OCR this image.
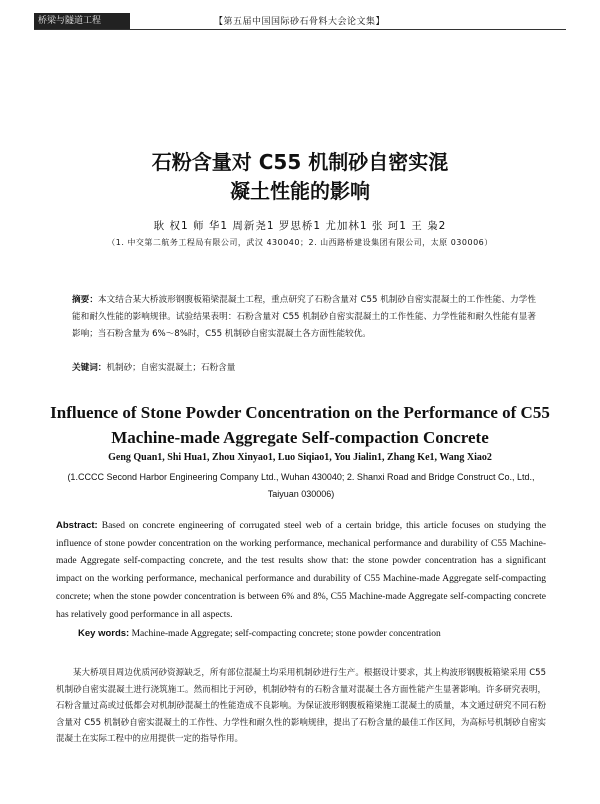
桥梁与隧道工程	【第五届中国国际砂石骨料大会论文集】
石粉含量对 C55 机制砂自密实混
凝土性能的影响
耿 权1 师 华1 周新尧1 罗思桥1 尤加林1 张 珂1 王 枭2
（1. 中交第二航务工程局有限公司，武汉 430040；2. 山西路桥建设集团有限公司，太原 030006）
摘要：本文结合某大桥波形钢腹板箱梁混凝土工程，重点研究了石粉含量对 C55 机制砂自密实混凝土的工作性能、力学性能和耐久性能的影响规律。试验结果表明：石粉含量对 C55 机制砂自密实混凝土的工作性能、力学性能和耐久性能有显著影响；当石粉含量为 6%～8%时，C55 机制砂自密实混凝土各方面性能较优。
关键词：机制砂；自密实混凝土；石粉含量
Influence of Stone Powder Concentration on the Performance of C55
Machine-made Aggregate Self-compaction Concrete
Geng Quan1, Shi Hua1, Zhou Xinyao1, Luo Siqiao1, You Jialin1, Zhang Ke1, Wang Xiao2
(1.CCCC Second Harbor Engineering Company Ltd., Wuhan 430040; 2. Shanxi Road and Bridge Construct Co., Ltd., Taiyuan 030006)
Abstract: Based on concrete engineering of corrugated steel web of a certain bridge, this article focuses on studying the influence of stone powder concentration on the working performance, mechanical performance and durability of C55 Machine-made Aggregate self-compacting concrete, and the test results show that: the stone powder concentration has a significant impact on the working performance, mechanical performance and durability of C55 Machine-made Aggregate self-compacting concrete; when the stone powder concentration is between 6% and 8%, C55 Machine-made Aggregate self-compacting concrete has relatively good performance in all aspects.
Key words: Machine-made Aggregate; self-compacting concrete; stone powder concentration

某大桥项目周边优质河砂资源缺乏，所有部位混凝土均采用机制砂进行生产。根据设计要求，其上构波形钢腹板箱梁采用 C55 机制砂自密实混凝土进行浇筑施工。然而相比于河砂，机制砂特有的石粉含量对混凝土各方面性能产生显著影响。许多研究表明，石粉含量过高或过低都会对机制砂混凝土的性能造成不良影响。为保证波形钢腹板箱梁施工混凝土的质量，本文通过研究不同石粉含量对 C55 机制砂自密实混凝土的工作性、力学性和耐久性的影响规律，提出了石粉含量的最佳工作区间，为高标号机制砂自密实混凝土在实际工程中的应用提供一定的指导作用。
